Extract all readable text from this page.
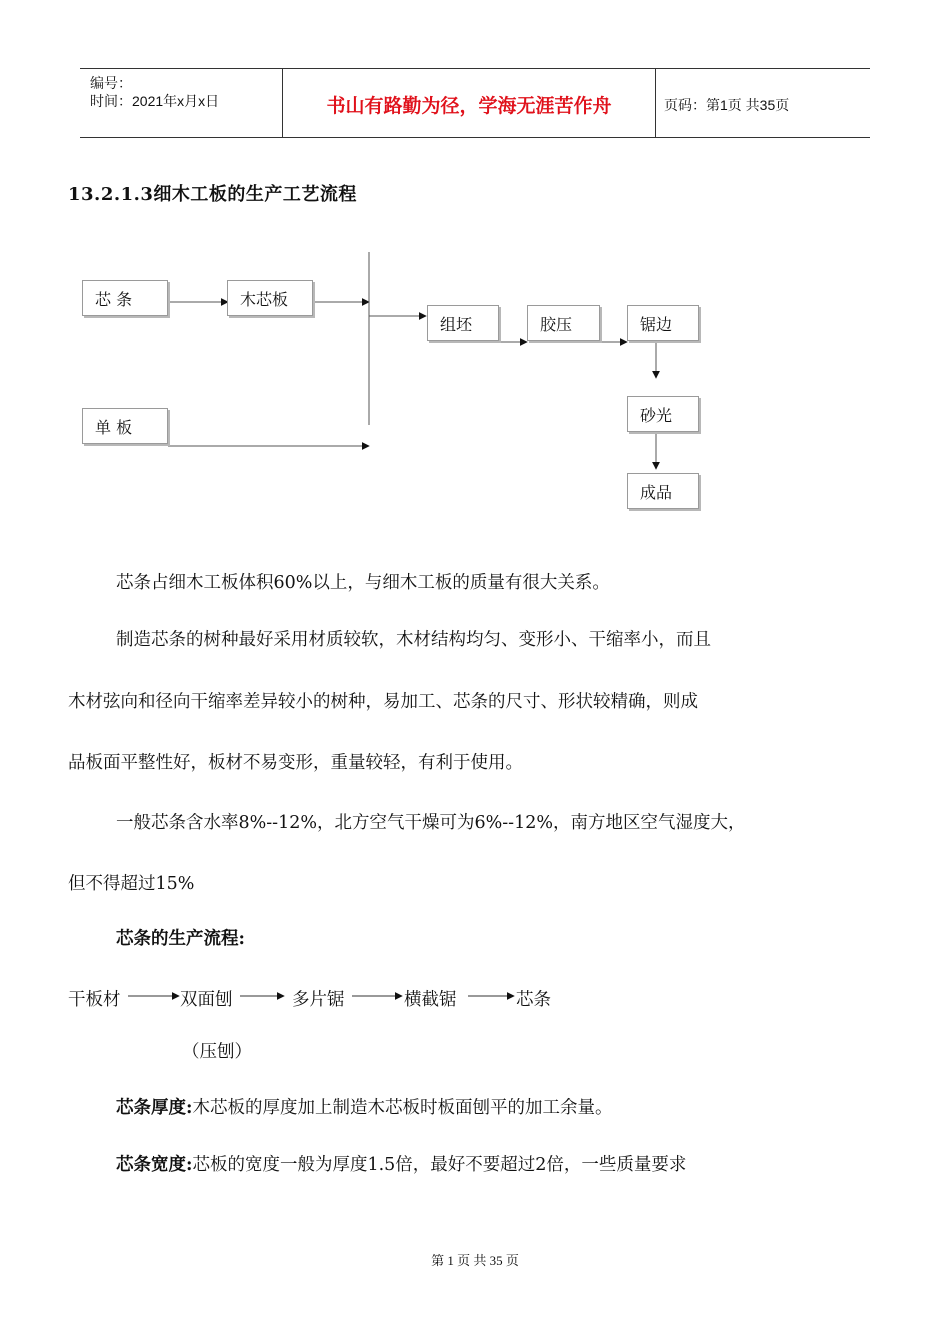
编号：
时间：2021年x月x日	书山有路勤为径，学海无涯苦作舟	页码：第1页 共35页
13.2.1.3细木工板的生产工艺流程
芯 条	木芯板
单 板
组坯	胶压	锯边
砂光
成品
芯条占细木工板体积60%以上，与细木工板的质量有很大关系。
制造芯条的树种最好采用材质较软，木材结构均匀、变形小、干缩率小，而且
木材弦向和径向干缩率差异较小的树种，易加工、芯条的尺寸、形状较精确，则成
品板面平整性好，板材不易变形，重量较轻，有利于使用。
一般芯条含水率8%--12%，北方空气干燥可为6%--12%，南方地区空气湿度大，
但不得超过15%
芯条的生产流程:
干板材	双面刨	多片锯	横截锯	芯条
（压刨）
芯条厚度:木芯板的厚度加上制造木芯板时板面刨平的加工余量。
芯条宽度:芯板的宽度一般为厚度1.5倍，最好不要超过2倍，一些质量要求
第 1 页 共 35 页
